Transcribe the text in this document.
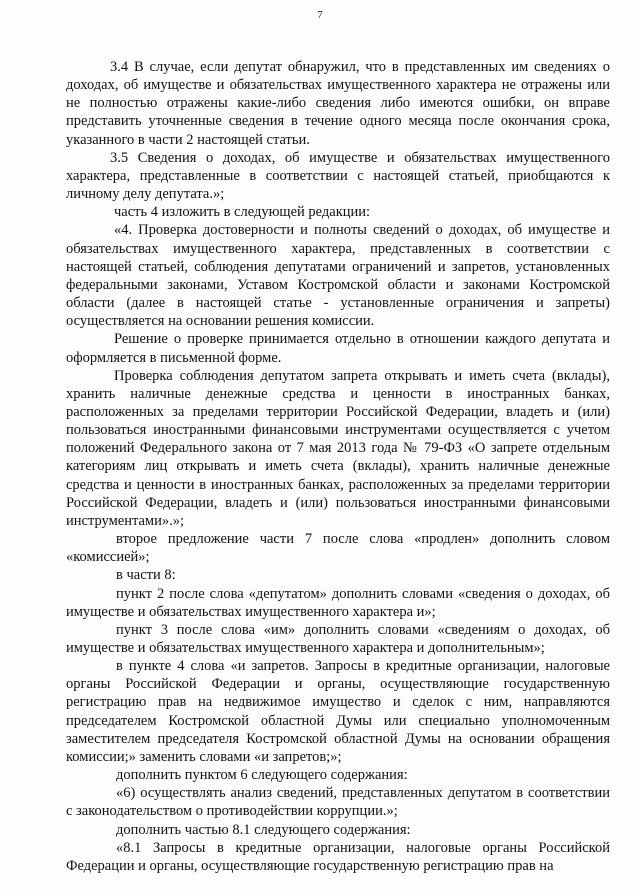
7

3.4 В случае, если депутат обнаружил, что в представленных им сведениях о доходах, об имуществе и обязательствах имущественного характера не отражены или не полностью отражены какие-либо сведения либо имеются ошибки, он вправе представить уточненные сведения в течение одного месяца после окончания срока, указанного в части 2 настоящей статьи.

3.5 Сведения о доходах, об имуществе и обязательствах имущественного характера, представленные в соответствии с настоящей статьей, приобщаются к личному делу депутата.»;

часть 4 изложить в следующей редакции:

«4. Проверка достоверности и полноты сведений о доходах, об имуществе и обязательствах имущественного характера, представленных в соответствии с настоящей статьей, соблюдения депутатами ограничений и запретов, установленных федеральными законами, Уставом Костромской области и законами Костромской области (далее в настоящей статье - установленные ограничения и запреты) осуществляется на основании решения комиссии.

Решение о проверке принимается отдельно в отношении каждого депутата и оформляется в письменной форме.

Проверка соблюдения депутатом запрета открывать и иметь счета (вклады), хранить наличные денежные средства и ценности в иностранных банках, расположенных за пределами территории Российской Федерации, владеть и (или) пользоваться иностранными финансовыми инструментами осуществляется с учетом положений Федерального закона от 7 мая 2013 года № 79-ФЗ «О запрете отдельным категориям лиц открывать и иметь счета (вклады), хранить наличные денежные средства и ценности в иностранных банках, расположенных за пределами территории Российской Федерации, владеть и (или) пользоваться иностранными финансовыми инструментами».»;

второе предложение части 7 после слова «продлен» дополнить словом «комиссией»;

в части 8:

пункт 2 после слова «депутатом» дополнить словами «сведения о доходах, об имуществе и обязательствах имущественного характера и»;

пункт 3 после слова «им» дополнить словами «сведениям о доходах, об имуществе и обязательствах имущественного характера и дополнительным»;

в пункте 4 слова «и запретов. Запросы в кредитные организации, налоговые органы Российской Федерации и органы, осуществляющие государственную регистрацию прав на недвижимое имущество и сделок с ним, направляются председателем Костромской областной Думы или специально уполномоченным заместителем председателя Костромской областной Думы на основании обращения комиссии;» заменить словами «и запретов;»;

дополнить пунктом 6 следующего содержания:

«6) осуществлять анализ сведений, представленных депутатом в соответствии с законодательством о противодействии коррупции.»;

дополнить частью 8.1 следующего содержания:

«8.1 Запросы в кредитные организации, налоговые органы Российской Федерации и органы, осуществляющие государственную регистрацию прав на
